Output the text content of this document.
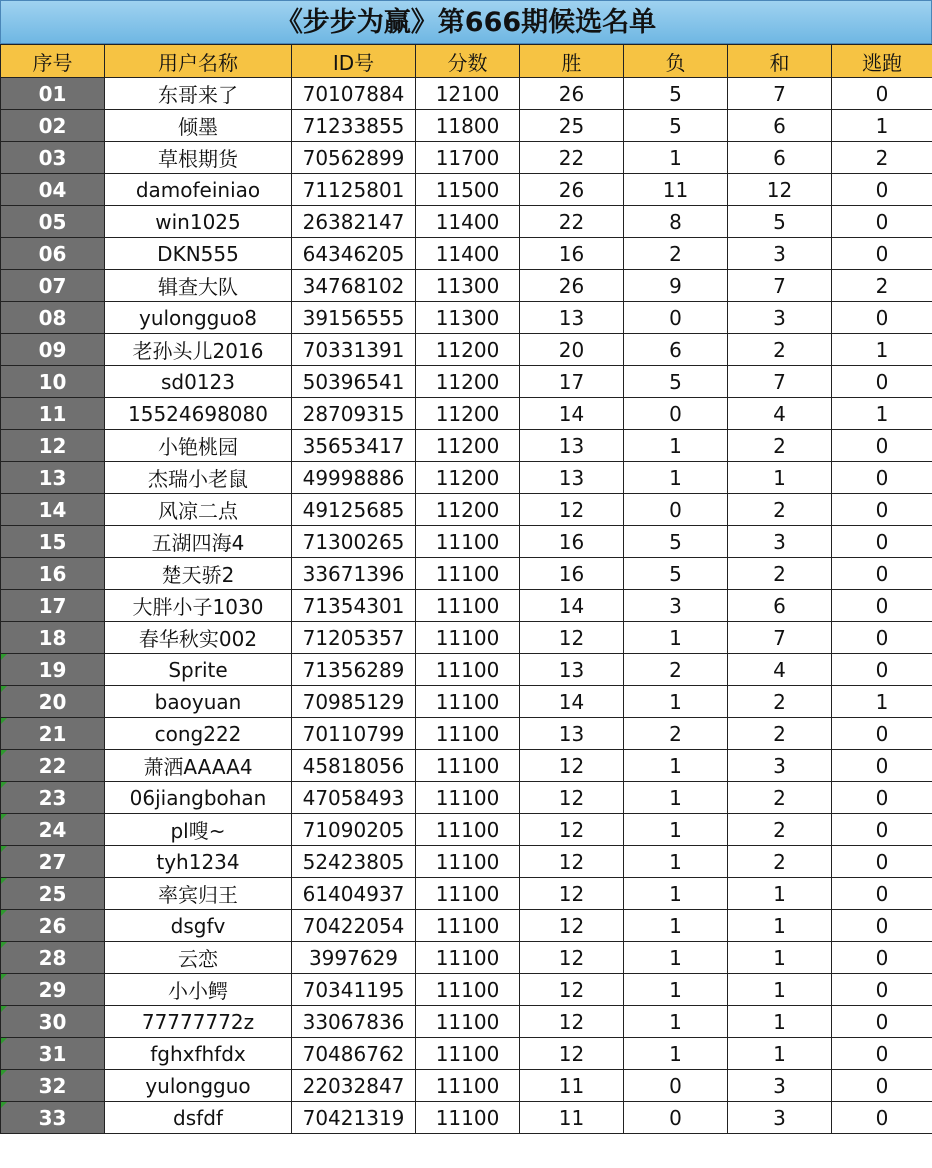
《步步为赢》第666期候选名单
序号	用户名称	ID号	分数	胜	负	和	逃跑
01	东哥来了	70107884	12100	26	5	7	0
02	倾墨	71233855	11800	25	5	6	1
03	草根期货	70562899	11700	22	1	6	2
04	damofeiniao	71125801	11500	26	11	12	0
05	win1025	26382147	11400	22	8	5	0
06	DKN555	64346205	11400	16	2	3	0
07	辑查大队	34768102	11300	26	9	7	2
08	yulongguo8	39156555	11300	13	0	3	0
09	老孙头儿2016	70331391	11200	20	6	2	1
10	sd0123	50396541	11200	17	5	7	0
11	15524698080	28709315	11200	14	0	4	1
12	小铯桃园	35653417	11200	13	1	2	0
13	杰瑞小老鼠	49998886	11200	13	1	1	0
14	风凉二点	49125685	11200	12	0	2	0
15	五湖四海4	71300265	11100	16	5	3	0
16	楚天骄2	33671396	11100	16	5	2	0
17	大胖小子1030	71354301	11100	14	3	6	0
18	春华秋实002	71205357	11100	12	1	7	0
19	Sprite	71356289	11100	13	2	4	0
20	baoyuan	70985129	11100	14	1	2	1
21	cong222	70110799	11100	13	2	2	0
22	萧洒AAAA4	45818056	11100	12	1	3	0
23	06jiangbohan	47058493	11100	12	1	2	0
24	pl嗖~	71090205	11100	12	1	2	0
27	tyh1234	52423805	11100	12	1	2	0
25	率宾归王	61404937	11100	12	1	1	0
26	dsgfv	70422054	11100	12	1	1	0
28	云恋	3997629	11100	12	1	1	0
29	小小鳄	70341195	11100	12	1	1	0
30	77777772z	33067836	11100	12	1	1	0
31	fghxfhfdx	70486762	11100	12	1	1	0
32	yulongguo	22032847	11100	11	0	3	0
33	dsfdf	70421319	11100	11	0	3	0
